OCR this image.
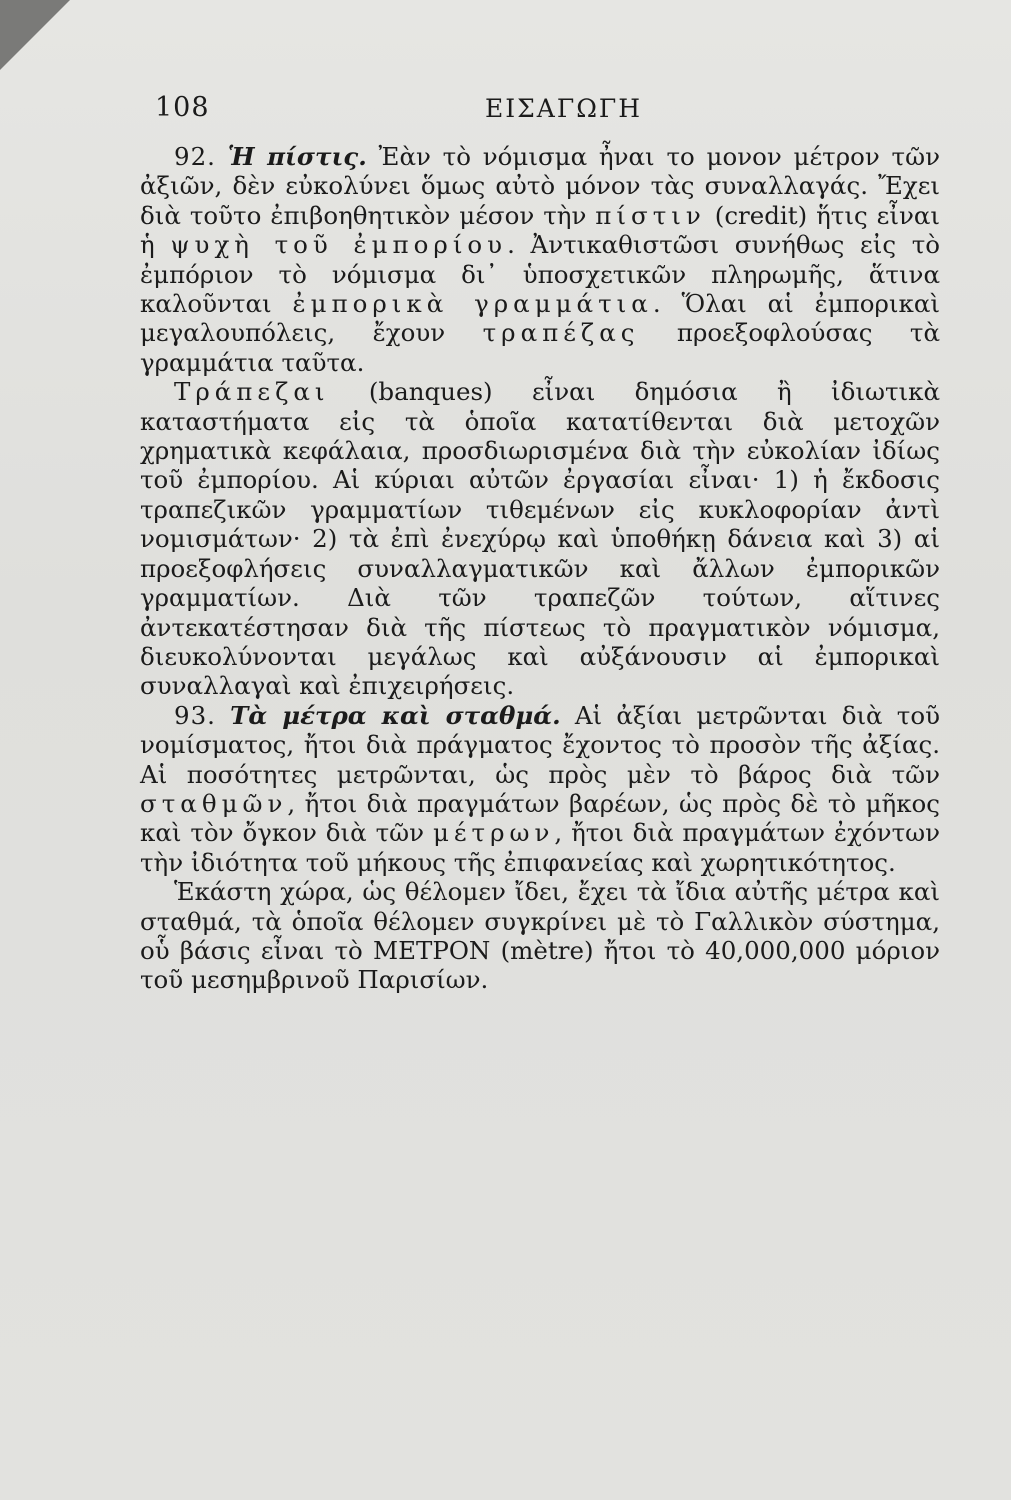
108	ΕΙΣΑΓΩΓΗ

92. Ἡ πίστις. Ἐὰν τὸ νόμισμα ἦναι το μονον μέτρον τῶν ἀξιῶν, δὲν εὐκολύνει ὅμως αὐτὸ μόνον τὰς συναλλαγάς. Ἔχει διὰ τοῦτο ἐπιβοηθητικὸν μέσον τὴν πίστιν (credit) ἥτις εἶναι ἡ ψυχὴ τοῦ ἐμπορίου. Ἀντικαθιστῶσι συνήθως εἰς τὸ ἐμπόριον τὸ νόμισμα δι᾽ ὑποσχετικῶν πληρωμῆς, ἅτινα καλοῦνται ἐμπορικὰ γραμμάτια. Ὅλαι αἱ ἐμπορικαὶ μεγαλουπόλεις, ἔχουν τραπέζας προεξοφλούσας τὰ γραμμάτια ταῦτα.

Τράπεζαι (banques) εἶναι δημόσια ἢ ἰδιωτικὰ καταστήματα εἰς τὰ ὁποῖα κατατίθενται διὰ μετοχῶν χρηματικὰ κεφάλαια, προσδιωρισμένα διὰ τὴν εὐκολίαν ἰδίως τοῦ ἐμπορίου. Αἱ κύριαι αὐτῶν ἐργασίαι εἶναι· 1) ἡ ἔκδοσις τραπεζικῶν γραμματίων τιθεμένων εἰς κυκλοφορίαν ἀντὶ νομισμάτων· 2) τὰ ἐπὶ ἐνεχύρῳ καὶ ὑποθήκῃ δάνεια καὶ 3) αἱ προεξοφλήσεις συναλλαγματικῶν καὶ ἄλλων ἐμπορικῶν γραμματίων. Διὰ τῶν τραπεζῶν τούτων, αἵτινες ἀντεκατέστησαν διὰ τῆς πίστεως τὸ πραγματικὸν νόμισμα, διευκολύνονται μεγάλως καὶ αὐξάνουσιν αἱ ἐμπορικαὶ συναλλαγαὶ καὶ ἐπιχειρήσεις.

93. Τὰ μέτρα καὶ σταθμά. Αἱ ἀξίαι μετρῶνται διὰ τοῦ νομίσματος, ἤτοι διὰ πράγματος ἔχοντος τὸ προσὸν τῆς ἀξίας. Αἱ ποσότητες μετρῶνται, ὡς πρὸς μὲν τὸ βάρος διὰ τῶν σταθμῶν, ἤτοι διὰ πραγμάτων βαρέων, ὡς πρὸς δὲ τὸ μῆκος καὶ τὸν ὄγκον διὰ τῶν μέτρων, ἤτοι διὰ πραγμάτων ἐχόντων τὴν ἰδιότητα τοῦ μήκους τῆς ἐπιφανείας καὶ χωρητικότητος.

Ἑκάστη χώρα, ὡς θέλομεν ἴδει, ἔχει τὰ ἴδια αὐτῆς μέτρα καὶ σταθμά, τὰ ὁποῖα θέλομεν συγκρίνει μὲ τὸ Γαλλικὸν σύστημα, οὗ βάσις εἶναι τὸ ΜΕΤΡΟΝ (mètre) ἤτοι τὸ 40,000,000 μόριον τοῦ μεσημβρινοῦ Παρισίων.
